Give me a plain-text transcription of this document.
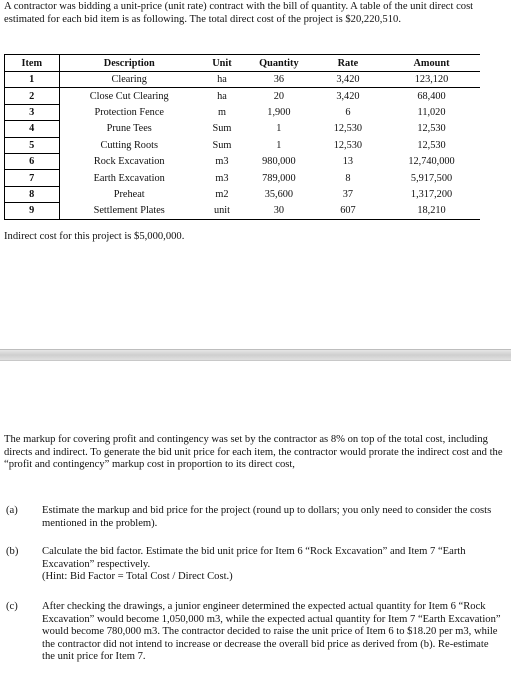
A contractor was bidding a unit-price (unit rate) contract with the bill of quantity. A table of the unit direct cost estimated for each bid item is as following. The total direct cost of the project is $20,220,510.
Item	Description	Unit	Quantity	Rate	Amount
1	Clearing	ha	36	3,420	123,120
2	Close Cut Clearing	ha	20	3,420	68,400
3	Protection Fence	m	1,900	6	11,020
4	Prune Tees	Sum	1	12,530	12,530
5	Cutting Roots	Sum	1	12,530	12,530
6	Rock Excavation	m3	980,000	13	12,740,000
7	Earth Excavation	m3	789,000	8	5,917,500
8	Preheat	m2	35,600	37	1,317,200
9	Settlement Plates	unit	30	607	18,210
Indirect cost for this project is $5,000,000.
The markup for covering profit and contingency was set by the contractor as 8% on top of the total cost, including directs and indirect. To generate the bid unit price for each item, the contractor would prorate the indirect cost and the “profit and contingency” markup cost in proportion to its direct cost,
(a) Estimate the markup and bid price for the project (round up to dollars; you only need to consider the costs mentioned in the problem).
(b) Calculate the bid factor. Estimate the bid unit price for Item 6 “Rock Excavation” and Item 7 “Earth Excavation” respectively.
(Hint: Bid Factor = Total Cost / Direct Cost.)
(c) After checking the drawings, a junior engineer determined the expected actual quantity for Item 6 “Rock Excavation” would become 1,050,000 m3, while the expected actual quantity for Item 7 “Earth Excavation” would become 780,000 m3. The contractor decided to raise the unit price of Item 6 to $18.20 per m3, while the contractor did not intend to increase or decrease the overall bid price as derived from (b). Re-estimate the unit price for Item 7.
